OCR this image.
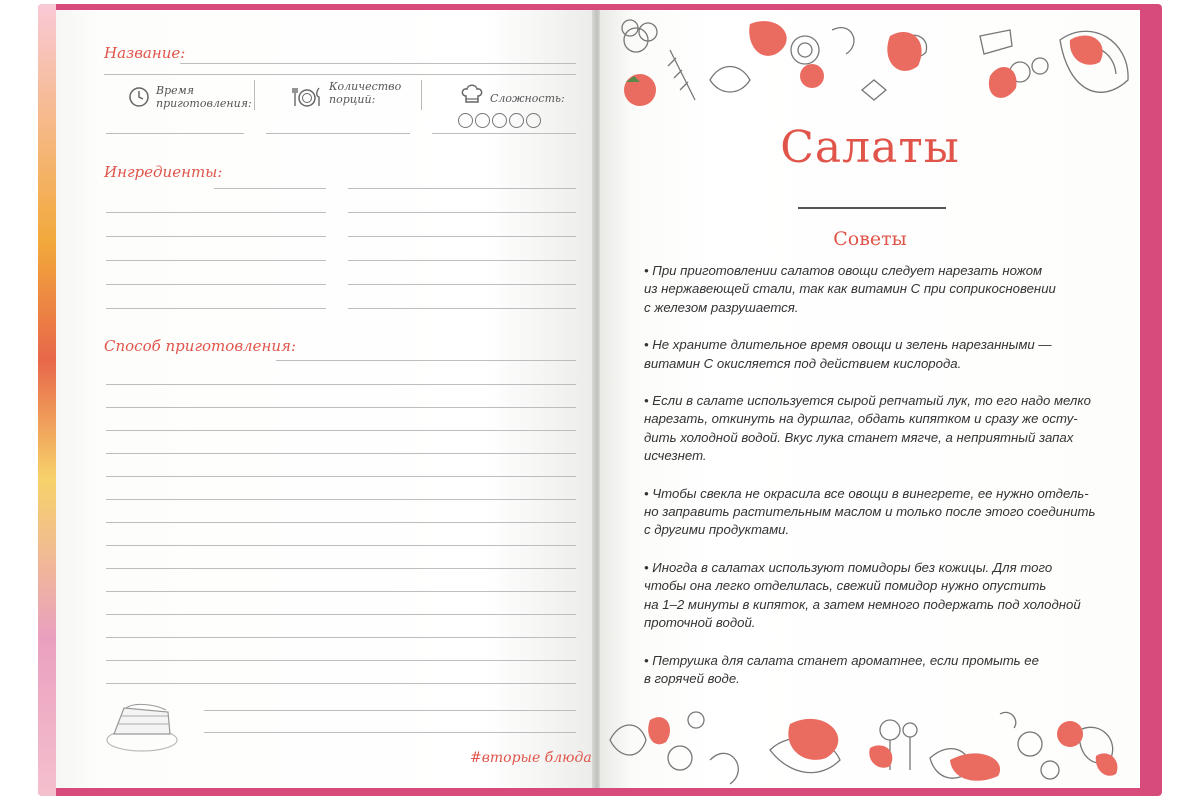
Название:
Время
приготовления:
Количество
порций:	Сложность:
Ингредиенты:
Способ приготовления:
#вторые блюда
Салаты
Советы

• При приготовлении салатов овощи следует нарезать ножом
из нержавеющей стали, так как витамин С при соприкосновении
с железом разрушается.

• Не храните длительное время овощи и зелень нарезанными —
витамин С окисляется под действием кислорода.

• Если в салате используется сырой репчатый лук, то его надо мелко
нарезать, откинуть на дуршлаг, обдать кипятком и сразу же осту-
дить холодной водой. Вкус лука станет мягче, а неприятный запах
исчезнет.

• Чтобы свекла не окрасила все овощи в винегрете, ее нужно отдель-
но заправить растительным маслом и только после этого соединить
с другими продуктами.

• Иногда в салатах используют помидоры без кожицы. Для того
чтобы она легко отделилась, свежий помидор нужно опустить
на 1–2 минуты в кипяток, а затем немного подержать под холодной
проточной водой.

• Петрушка для салата станет ароматнее, если промыть ее
в горячей воде.
